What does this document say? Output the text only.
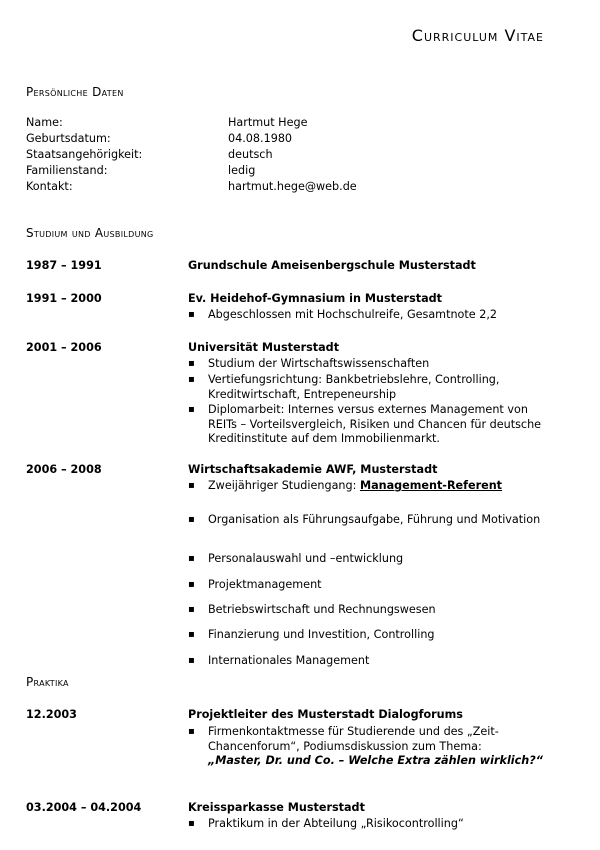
Curriculum Vitae
Persönliche Daten
Name:	Hartmut Hege
Geburtsdatum:	04.08.1980
Staatsangehörigkeit:	deutsch
Familienstand:	ledig
Kontakt:	hartmut.hege@web.de
Studium und Ausbildung
1987 – 1991	Grundschule Ameisenbergschule Musterstadt
1991 – 2000	Ev. Heidehof-Gymnasium in Musterstadt
▪ Abgeschlossen mit Hochschulreife, Gesamtnote 2,2
2001 – 2006	Universität Musterstadt
▪ Studium der Wirtschaftswissenschaften
▪ Vertiefungsrichtung: Bankbetriebslehre, Controlling, Kreditwirtschaft, Entrepeneurship
▪ Diplomarbeit: Internes versus externes Management von REITs – Vorteilsvergleich, Risiken und Chancen für deutsche Kreditinstitute auf dem Immobilienmarkt.
2006 – 2008	Wirtschaftsakademie AWF, Musterstadt
▪ Zweijähriger Studiengang: Management-Referent
▪ Organisation als Führungsaufgabe, Führung und Motivation
▪ Personalauswahl und –entwicklung
▪ Projektmanagement
▪ Betriebswirtschaft und Rechnungswesen
▪ Finanzierung und Investition, Controlling
▪ Internationales Management
Praktika
12.2003	Projektleiter des Musterstadt Dialogforums
▪ Firmenkontaktmesse für Studierende und des „Zeit-Chancenforum“, Podiumsdiskussion zum Thema:
„Master, Dr. und Co. – Welche Extra zählen wirklich?“
03.2004 – 04.2004	Kreissparkasse Musterstadt
▪ Praktikum in der Abteilung „Risikocontrolling“
